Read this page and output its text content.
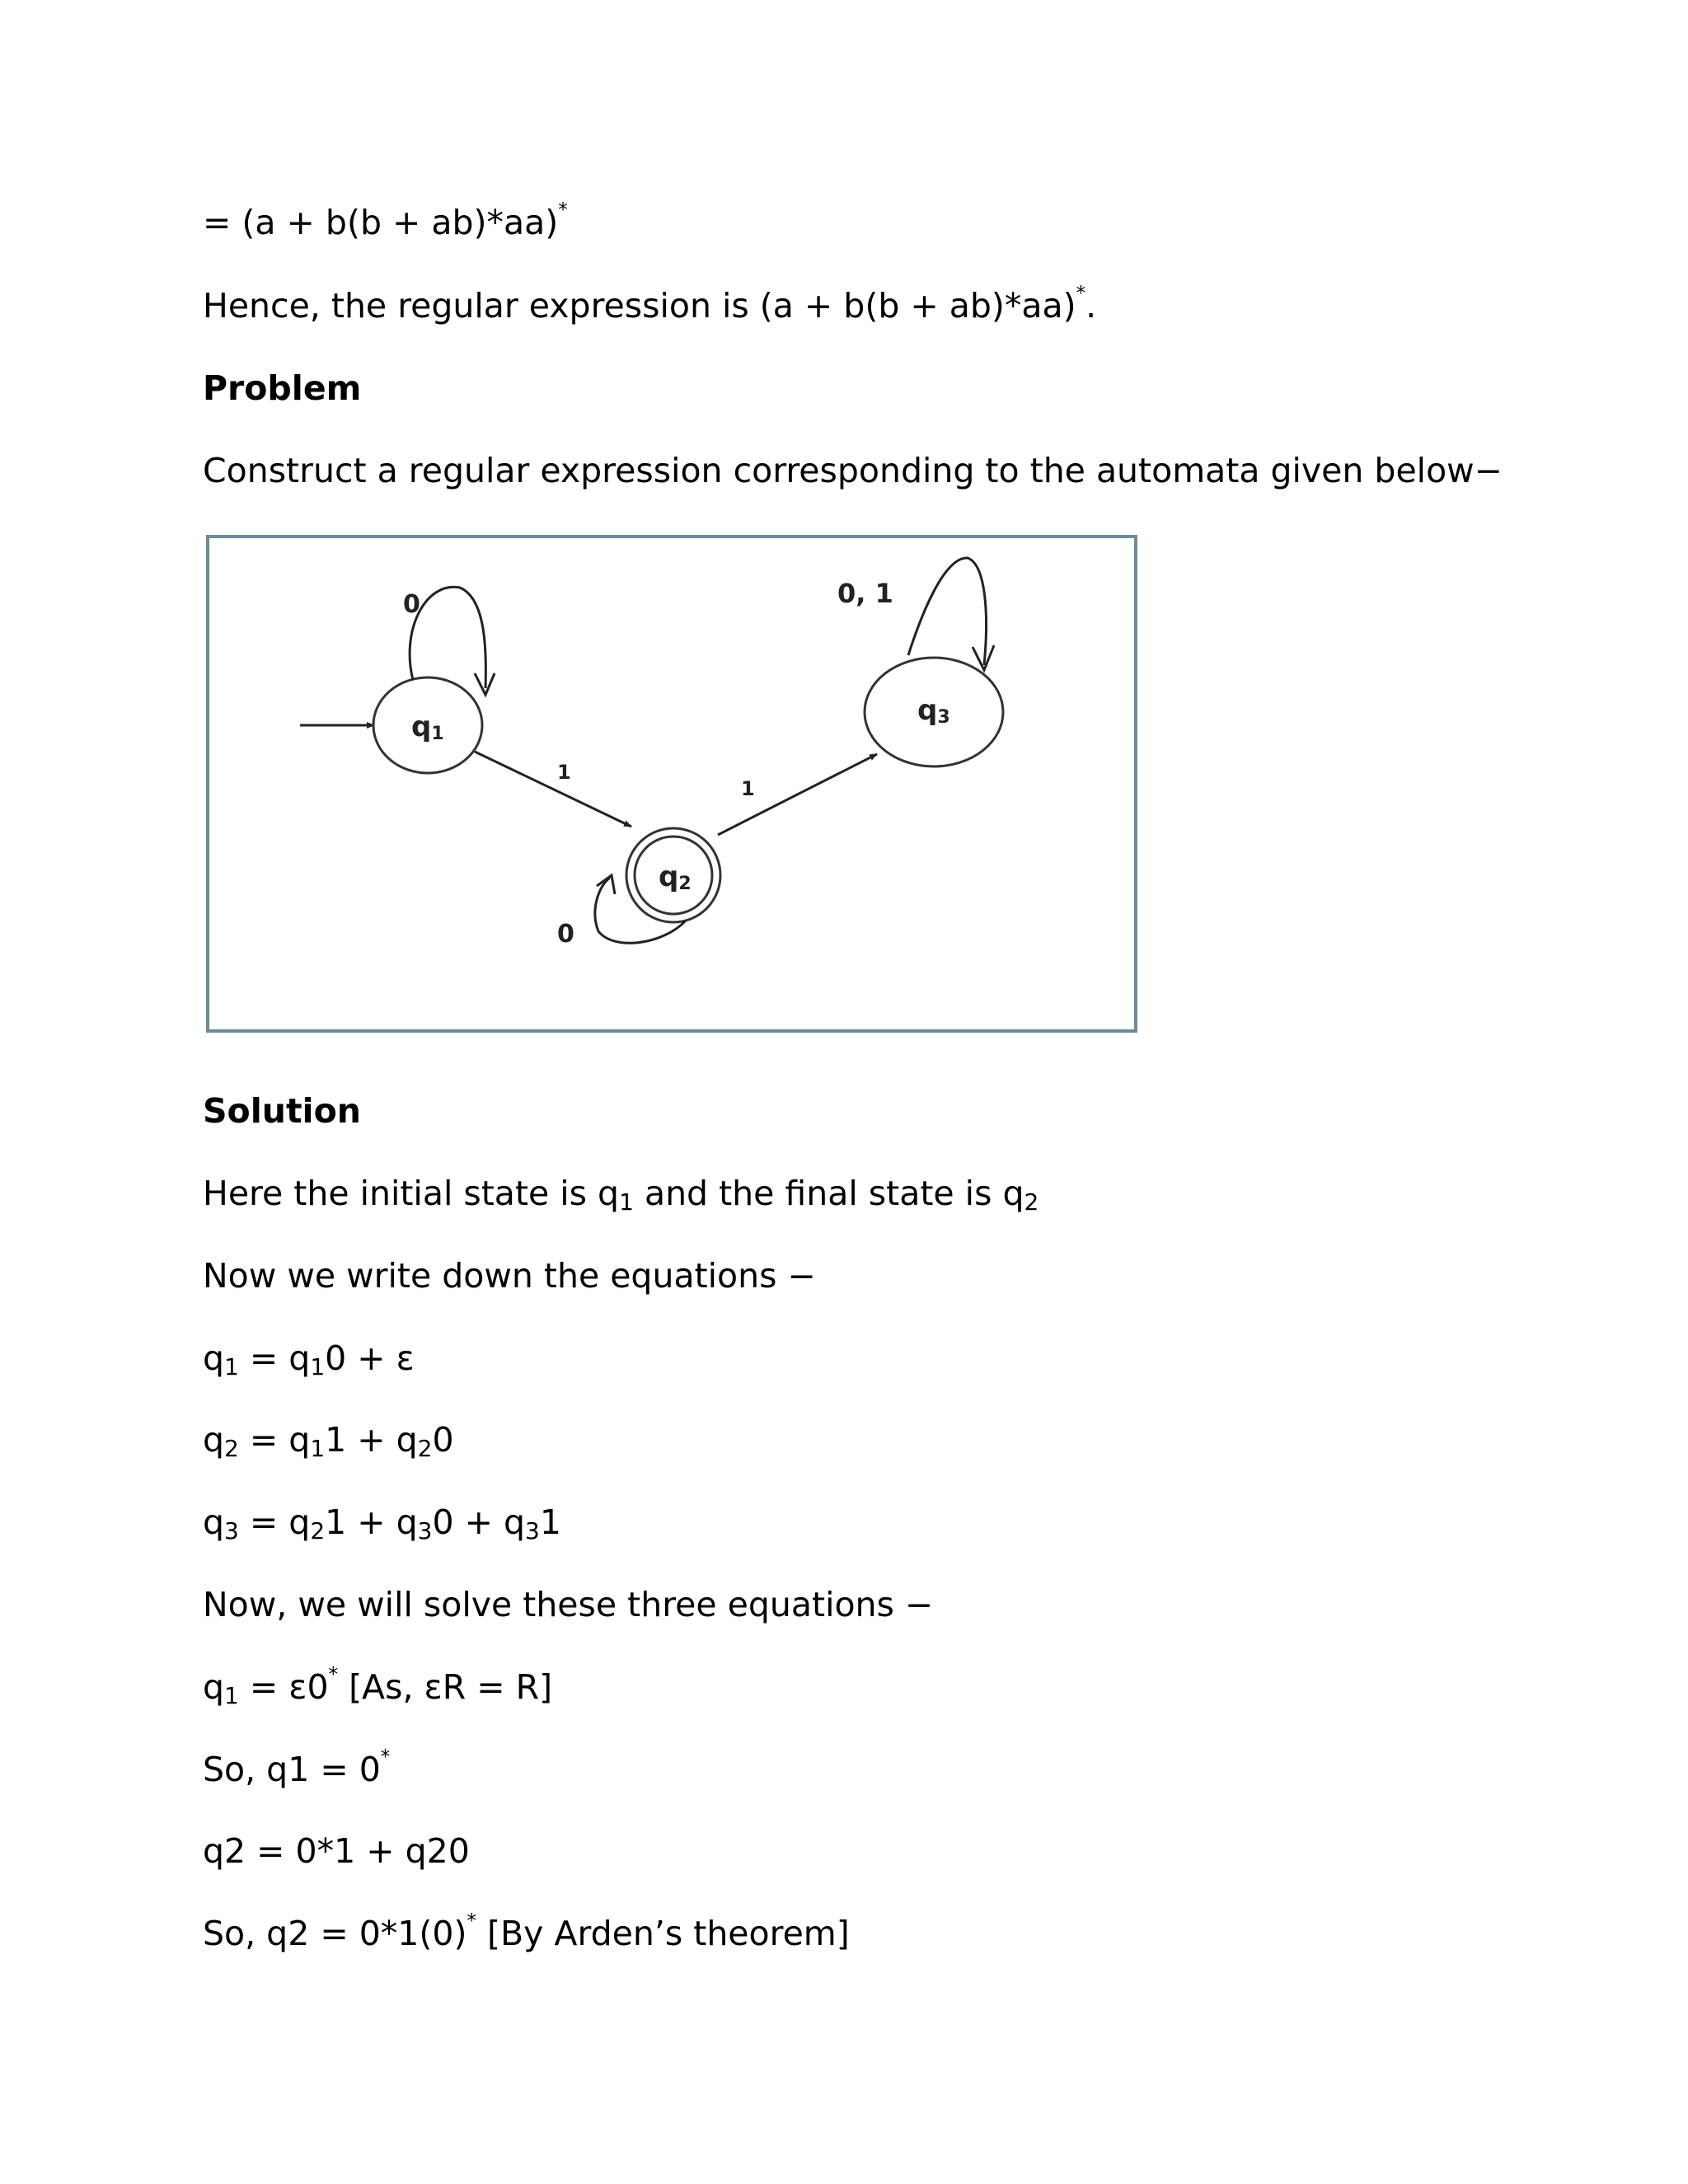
= (a + b(b + ab)*aa)*

Hence, the regular expression is (a + b(b + ab)*aa)*.

Problem

Construct a regular expression corresponding to the automata given below−

q1
0
1
q2
0
1
q3
0, 1

Solution

Here the initial state is $q_1$ and the final state is $q_2$

Now we write down the equations −

$q_1 = q_10 + \varepsilon$

$q_2 = q_11 + q_20$

$q_3 = q_21 + q_30 + q_31$

Now, we will solve these three equations −

$q_1 = \varepsilon 0^*$ [As, εR = R]

So, q1 = 0*

q2 = 0*1 + q20

So, q2 = 0*1(0)* [By Arden’s theorem]
